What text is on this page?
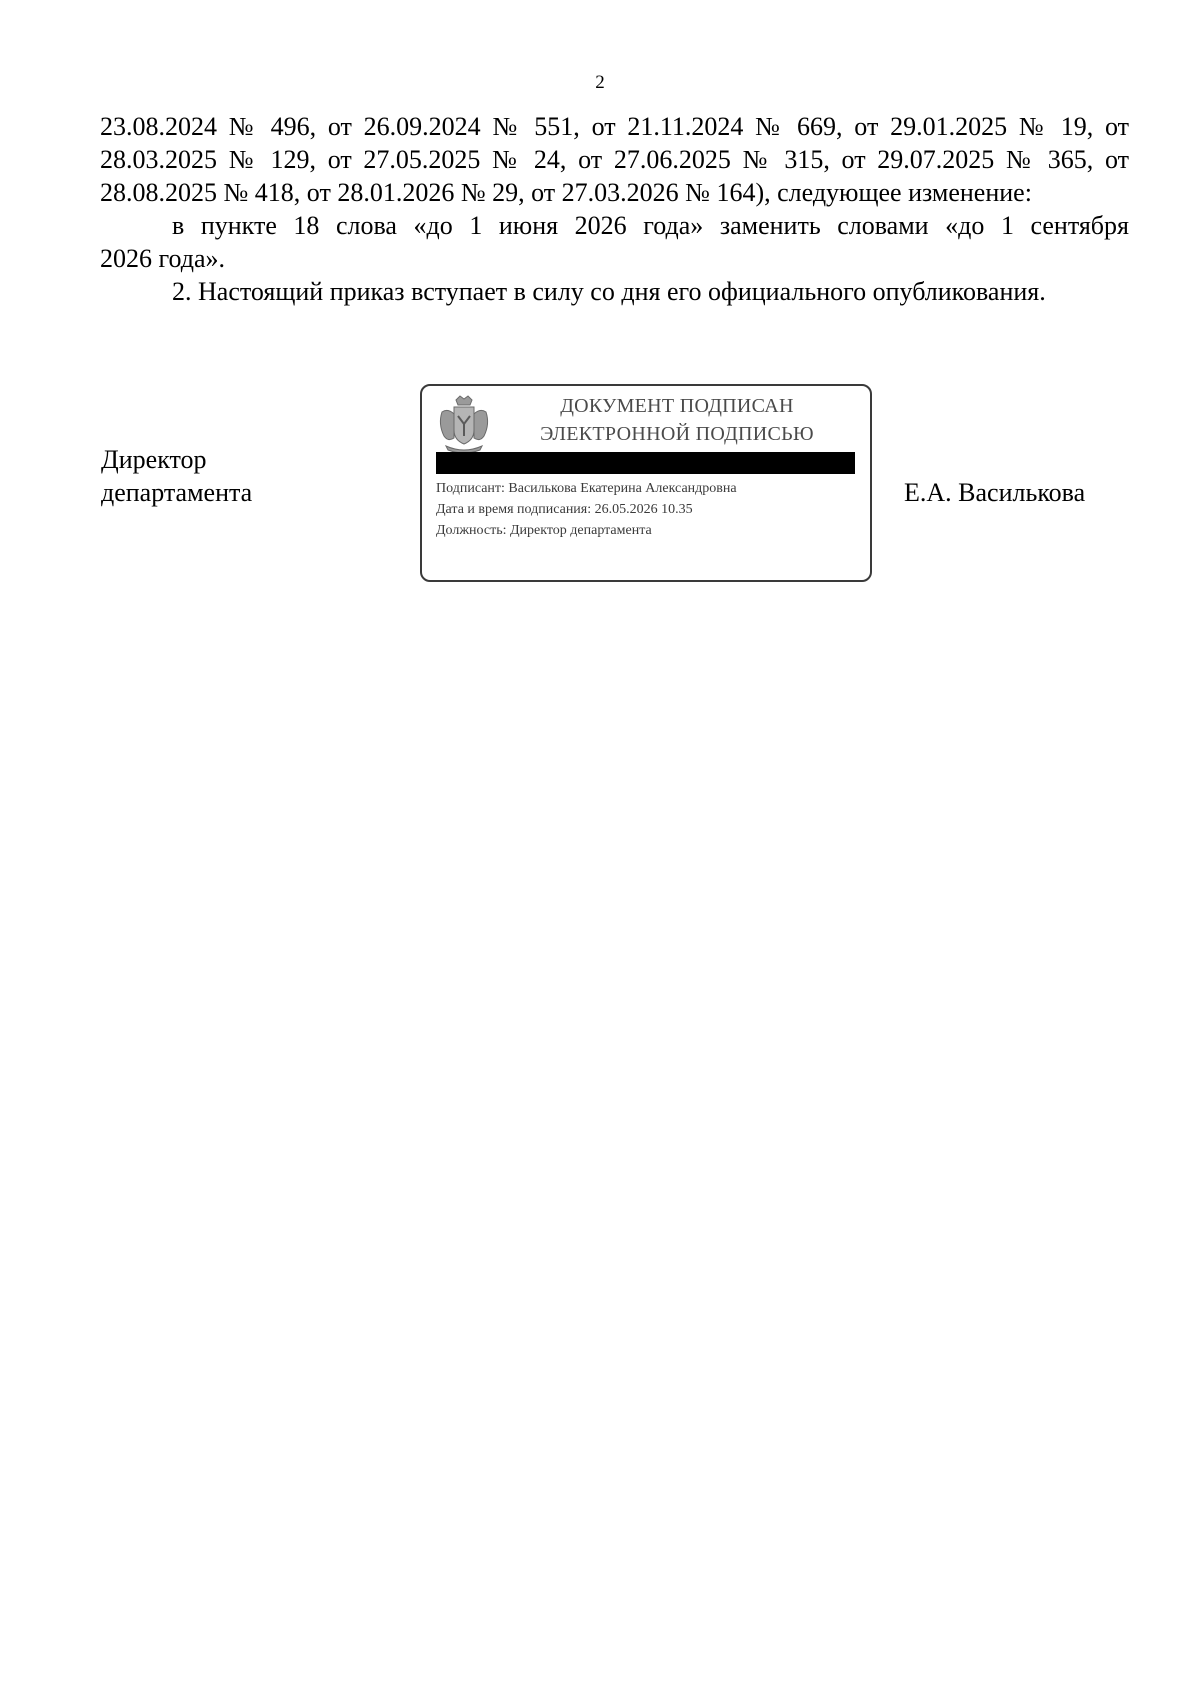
2

23.08.2024 № 496, от 26.09.2024 № 551, от 21.11.2024 № 669, от 29.01.2025 № 19, от
28.03.2025 № 129, от 27.05.2025 № 24, от 27.06.2025 № 315, от 29.07.2025 № 365, от
28.08.2025 № 418, от 28.01.2026 № 29, от 27.03.2026 № 164), следующее изменение:

в пункте 18 слова «до 1 июня 2026 года» заменить словами «до 1 сентября
2026 года».

2. Настоящий приказ вступает в силу со дня его официального опубликования.

Директор
департамента
ДОКУМЕНТ ПОДПИСАН
ЭЛЕКТРОННОЙ ПОДПИСЬЮ
Подписант: Василькова Екатерина Александровна
Дата и время подписания: 26.05.2026 10.35
Должность: Директор департамента
Е.А. Василькова
